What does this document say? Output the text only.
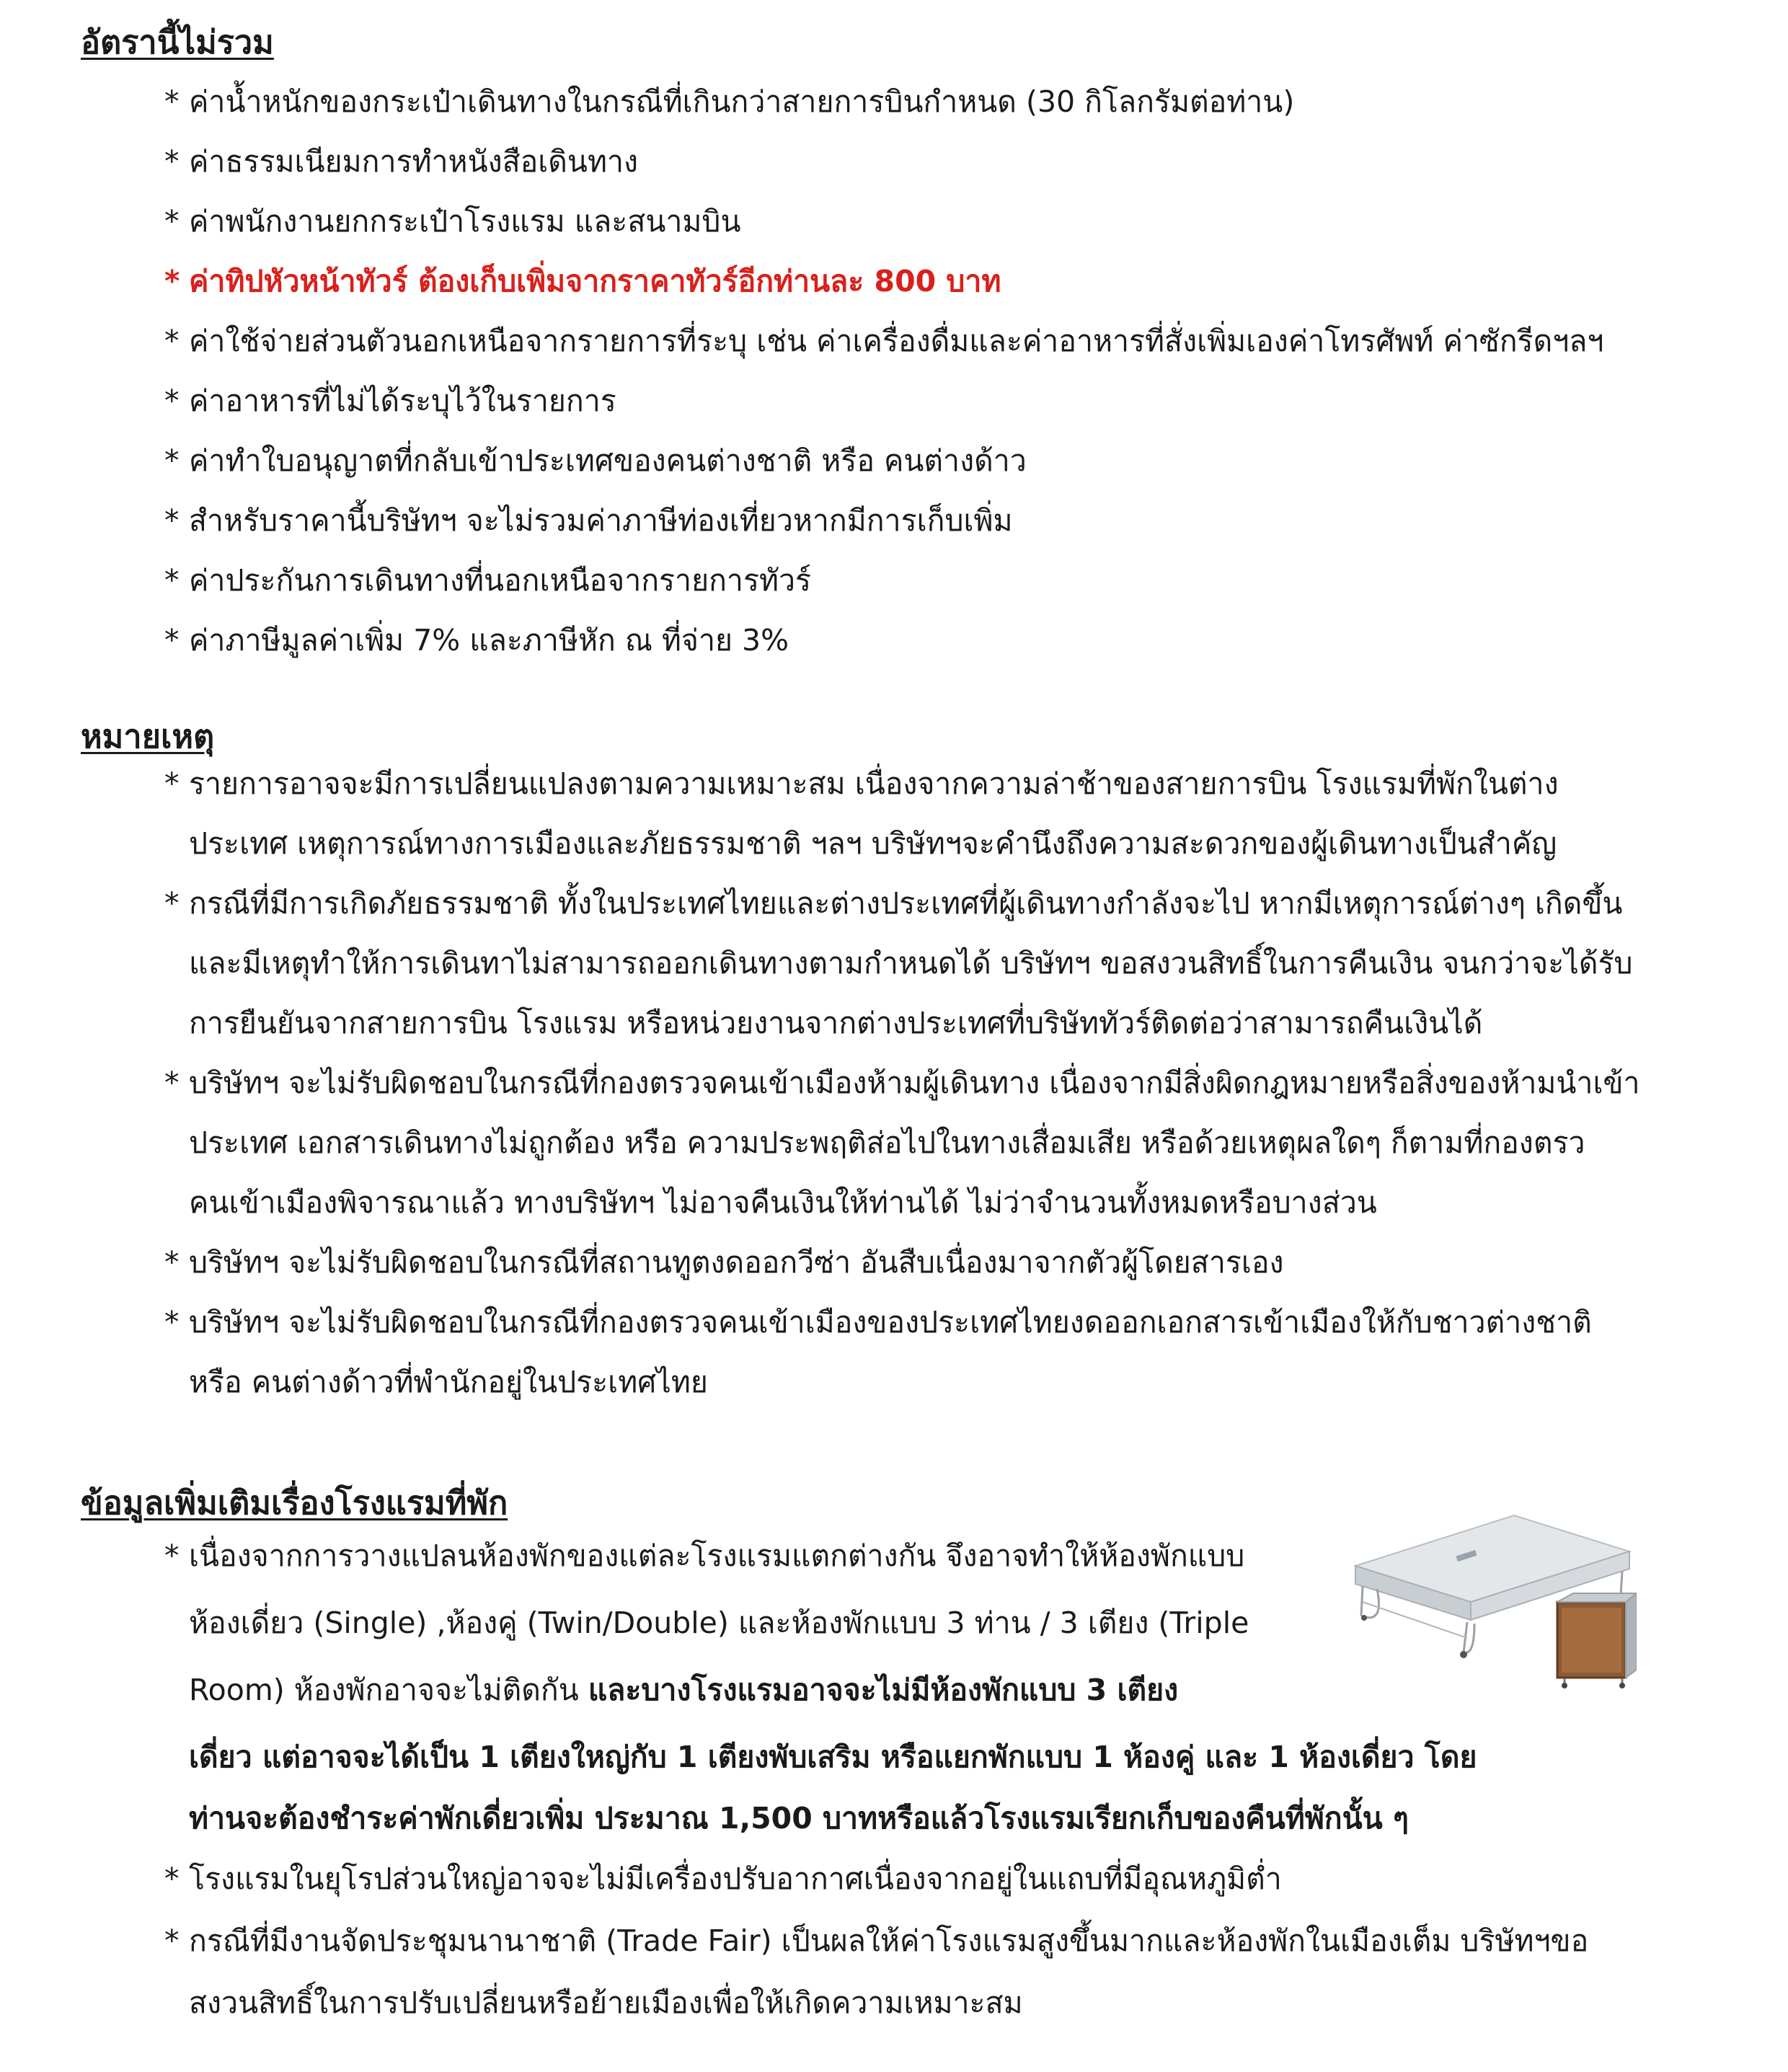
อัตรานี้ไม่รวม

* ค่าน้ำหนักของกระเป๋าเดินทางในกรณีที่เกินกว่าสายการบินกำหนด (30 กิโลกรัมต่อท่าน)

* ค่าธรรมเนียมการทำหนังสือเดินทาง

* ค่าพนักงานยกกระเป๋าโรงแรม และสนามบิน

* ค่าทิปหัวหน้าทัวร์ ต้องเก็บเพิ่มจากราคาทัวร์อีกท่านละ 800 บาท

* ค่าใช้จ่ายส่วนตัวนอกเหนือจากรายการที่ระบุ เช่น ค่าเครื่องดื่มและค่าอาหารที่สั่งเพิ่มเองค่าโทรศัพท์ ค่าซักรีดฯลฯ

* ค่าอาหารที่ไม่ได้ระบุไว้ในรายการ

* ค่าทำใบอนุญาตที่กลับเข้าประเทศของคนต่างชาติ หรือ คนต่างด้าว

* สำหรับราคานี้บริษัทฯ จะไม่รวมค่าภาษีท่องเที่ยวหากมีการเก็บเพิ่ม

* ค่าประกันการเดินทางที่นอกเหนือจากรายการทัวร์

* ค่าภาษีมูลค่าเพิ่ม 7% และภาษีหัก ณ ที่จ่าย 3%

หมายเหตุ

* รายการอาจจะมีการเปลี่ยนแปลงตามความเหมาะสม เนื่องจากความล่าช้าของสายการบิน โรงแรมที่พักในต่าง

ประเทศ เหตุการณ์ทางการเมืองและภัยธรรมชาติ ฯลฯ บริษัทฯจะคำนึงถึงความสะดวกของผู้เดินทางเป็นสำคัญ

* กรณีที่มีการเกิดภัยธรรมชาติ ทั้งในประเทศไทยและต่างประเทศที่ผู้เดินทางกำลังจะไป หากมีเหตุการณ์ต่างๆ เกิดขึ้น

และมีเหตุทำให้การเดินทาไม่สามารถออกเดินทางตามกำหนดได้ บริษัทฯ ขอสงวนสิทธิ์ในการคืนเงิน จนกว่าจะได้รับ

การยืนยันจากสายการบิน โรงแรม หรือหน่วยงานจากต่างประเทศที่บริษัททัวร์ติดต่อว่าสามารถคืนเงินได้

* บริษัทฯ จะไม่รับผิดชอบในกรณีที่กองตรวจคนเข้าเมืองห้ามผู้เดินทาง เนื่องจากมีสิ่งผิดกฎหมายหรือสิ่งของห้ามนำเข้า

ประเทศ เอกสารเดินทางไม่ถูกต้อง หรือ ความประพฤติส่อไปในทางเสื่อมเสีย หรือด้วยเหตุผลใดๆ ก็ตามที่กองตรว

คนเข้าเมืองพิจารณาแล้ว ทางบริษัทฯ ไม่อาจคืนเงินให้ท่านได้ ไม่ว่าจำนวนทั้งหมดหรือบางส่วน

* บริษัทฯ จะไม่รับผิดชอบในกรณีที่สถานทูตงดออกวีซ่า อันสืบเนื่องมาจากตัวผู้โดยสารเอง

* บริษัทฯ จะไม่รับผิดชอบในกรณีที่กองตรวจคนเข้าเมืองของประเทศไทยงดออกเอกสารเข้าเมืองให้กับชาวต่างชาติ

หรือ คนต่างด้าวที่พำนักอยู่ในประเทศไทย

ข้อมูลเพิ่มเติมเรื่องโรงแรมที่พัก

* เนื่องจากการวางแปลนห้องพักของแต่ละโรงแรมแตกต่างกัน จึงอาจทำให้ห้องพักแบบ

ห้องเดี่ยว (Single) ,ห้องคู่ (Twin/Double) และห้องพักแบบ 3 ท่าน / 3 เตียง (Triple

Room) ห้องพักอาจจะไม่ติดกัน และบางโรงแรมอาจจะไม่มีห้องพักแบบ 3 เตียง

เดี่ยว แต่อาจจะได้เป็น 1 เตียงใหญ่กับ 1 เตียงพับเสริม หรือแยกพักแบบ 1 ห้องคู่ และ 1 ห้องเดี่ยว โดย

ท่านจะต้องชำระค่าพักเดี่ยวเพิ่ม ประมาณ 1,500 บาทหรือแล้วโรงแรมเรียกเก็บของคืนที่พักนั้น ๆ

* โรงแรมในยุโรปส่วนใหญ่อาจจะไม่มีเครื่องปรับอากาศเนื่องจากอยู่ในแถบที่มีอุณหภูมิต่ำ

* กรณีที่มีงานจัดประชุมนานาชาติ (Trade Fair) เป็นผลให้ค่าโรงแรมสูงขึ้นมากและห้องพักในเมืองเต็ม บริษัทฯขอ

สงวนสิทธิ์ในการปรับเปลี่ยนหรือย้ายเมืองเพื่อให้เกิดความเหมาะสม
